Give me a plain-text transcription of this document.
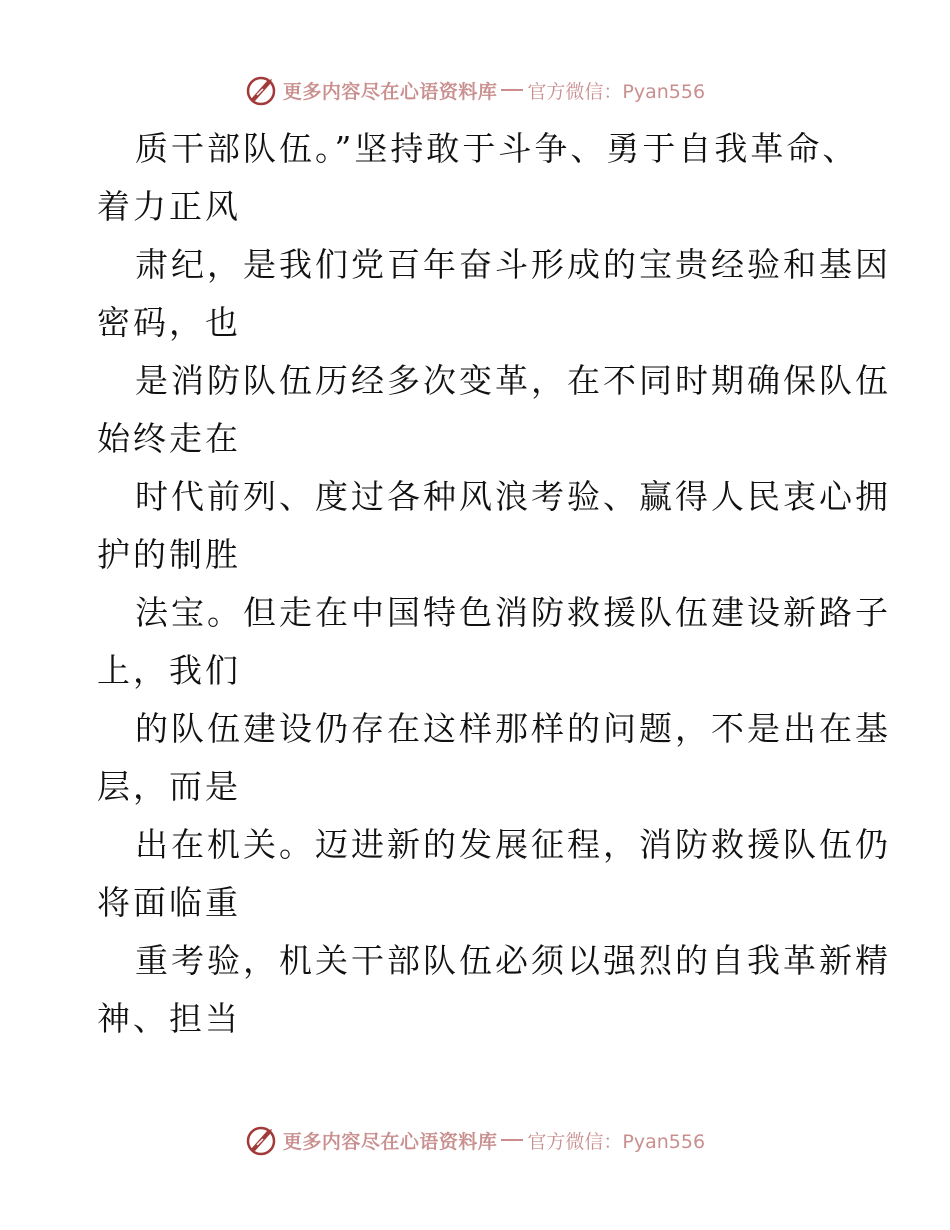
更多内容尽在心语资料库 官方微信：Pyan556
质干部队伍。”坚持敢于斗争、勇于自我革命、
着力正风
肃纪，是我们党百年奋斗形成的宝贵经验和基因
密码，也
是消防队伍历经多次变革，在不同时期确保队伍
始终走在
时代前列、度过各种风浪考验、赢得人民衷心拥
护的制胜
法宝。但走在中国特色消防救援队伍建设新路子
上，我们
的队伍建设仍存在这样那样的问题，不是出在基
层，而是
出在机关。迈进新的发展征程，消防救援队伍仍
将面临重
重考验，机关干部队伍必须以强烈的自我革新精
神、担当
更多内容尽在心语资料库 官方微信：Pyan556
